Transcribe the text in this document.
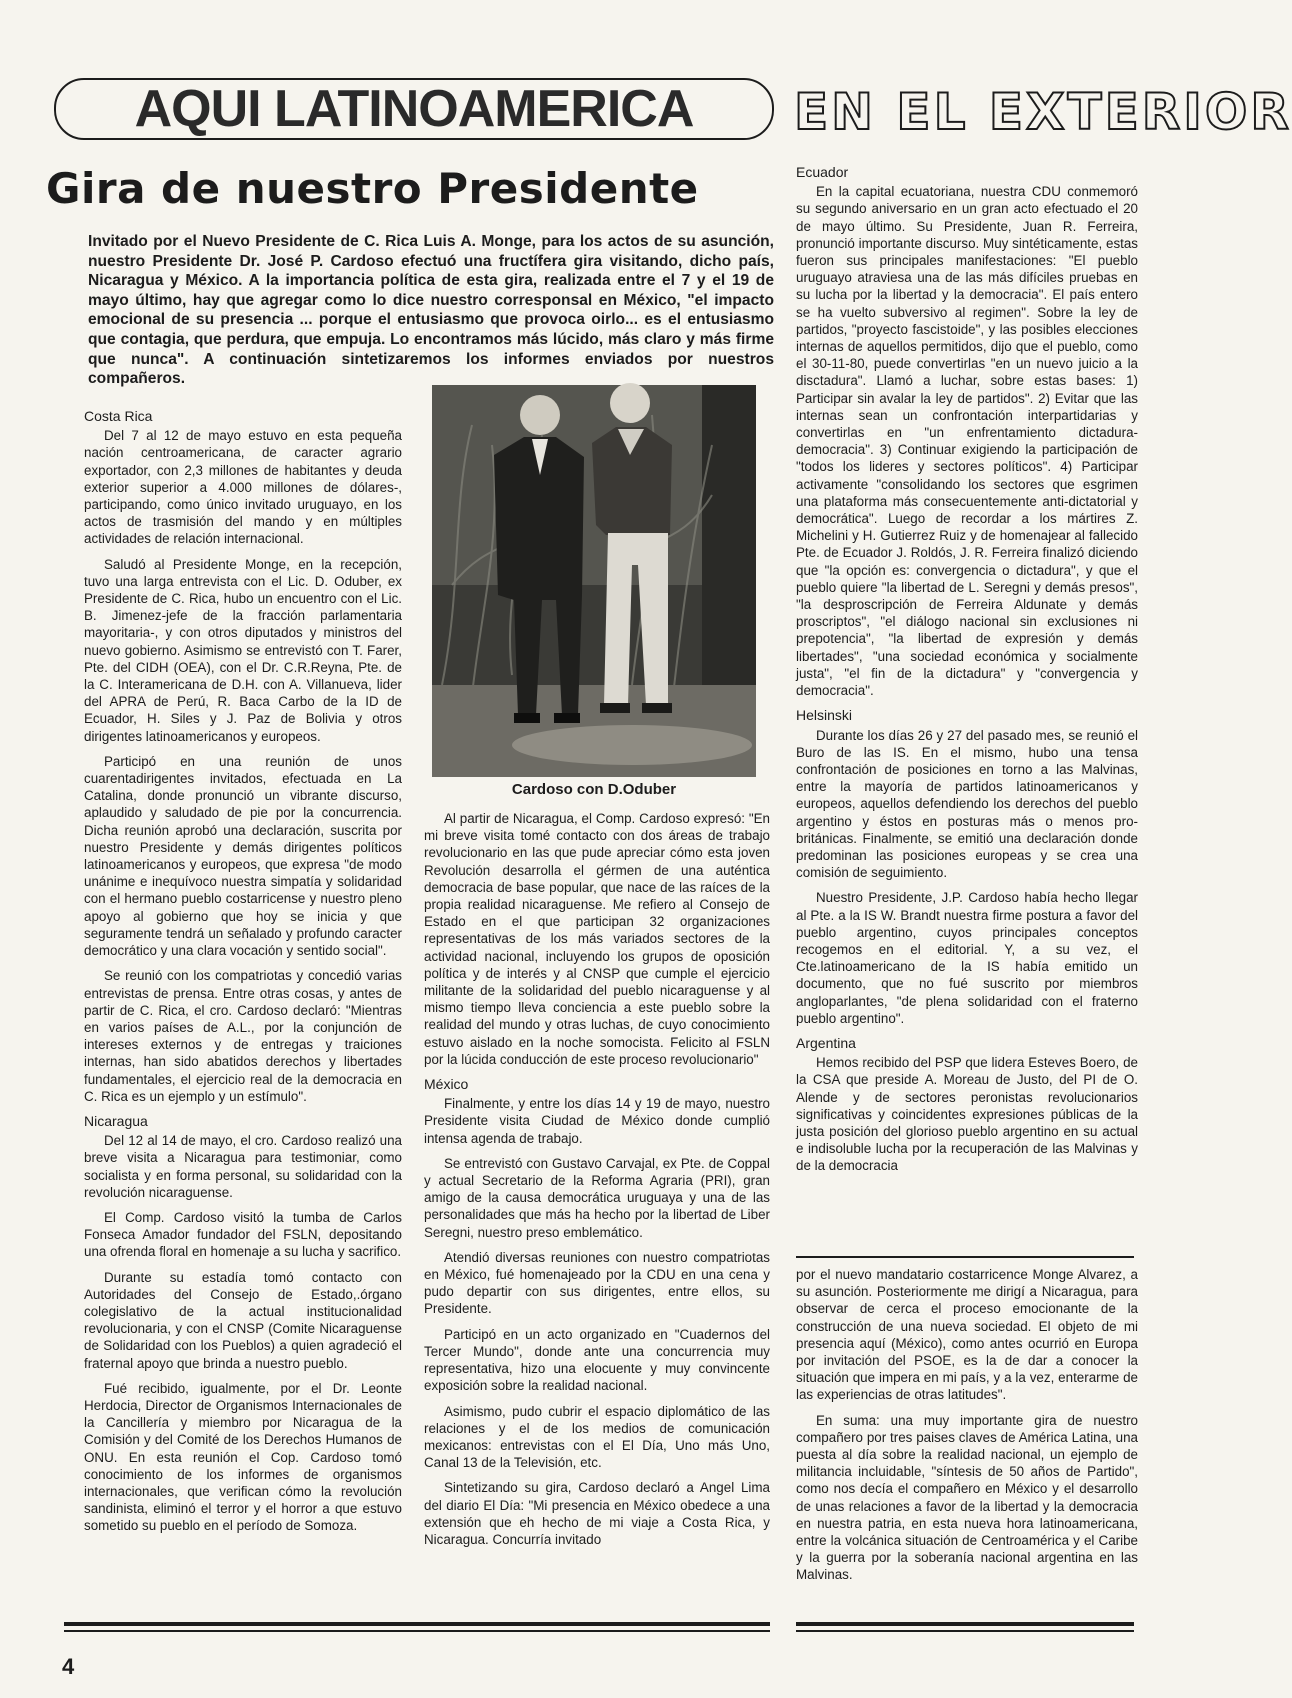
AQUI LATINOAMERICA EN EL EXTERIOR
Gira de nuestro Presidente
Invitado por el Nuevo Presidente de C. Rica Luis A. Monge, para los actos de su asunción, nuestro Presidente Dr. José P. Cardoso efectuó una fructífera gira visitando, dicho país, Nicaragua y México. A la importancia política de esta gira, realizada entre el 7 y el 19 de mayo último, hay que agregar como lo dice nuestro corresponsal en México, "el impacto emocional de su presencia ... porque el entusiasmo que provoca oirlo... es el entusiasmo que contagia, que perdura, que empuja. Lo encontramos más lúcido, más claro y más firme que nunca". A continuación sintetizaremos los informes enviados por nuestros compañeros.

Costa Rica

Del 7 al 12 de mayo estuvo en esta pequeña nación centroamericana, de caracter agrario exportador, con 2,3 millones de habitantes y deuda exterior superior a 4.000 millones de dólares-, participando, como único invitado uruguayo, en los actos de trasmisión del mando y en múltiples actividades de relación internacional.

Saludó al Presidente Monge, en la recepción, tuvo una larga entrevista con el Lic. D. Oduber, ex Presidente de C. Rica, hubo un encuentro con el Lic. B. Jimenez-jefe de la fracción parlamentaria mayoritaria-, y con otros diputados y ministros del nuevo gobierno. Asimismo se entrevistó con T. Farer, Pte. del CIDH (OEA), con el Dr. C.R.Reyna, Pte. de la C. Interamericana de D.H. con A. Villanueva, lider del APRA de Perú, R. Baca Carbo de la ID de Ecuador, H. Siles y J. Paz de Bolivia y otros dirigentes latinoamericanos y europeos.

Participó en una reunión de unos cuarentadirigentes invitados, efectuada en La Catalina, donde pronunció un vibrante discurso, aplaudido y saludado de pie por la concurrencia. Dicha reunión aprobó una declaración, suscrita por nuestro Presidente y demás dirigentes políticos latinoamericanos y europeos, que expresa "de modo unánime e inequívoco nuestra simpatía y solidaridad con el hermano pueblo costarricense y nuestro pleno apoyo al gobierno que hoy se inicia y que seguramente tendrá un señalado y profundo caracter democrático y una clara vocación y sentido social".

Se reunió con los compatriotas y concedió varias entrevistas de prensa. Entre otras cosas, y antes de partir de C. Rica, el cro. Cardoso declaró: "Mientras en varios países de A.L., por la conjunción de intereses externos y de entregas y traiciones internas, han sido abatidos derechos y libertades fundamentales, el ejercicio real de la democracia en C. Rica es un ejemplo y un estímulo".

Nicaragua

Del 12 al 14 de mayo, el cro. Cardoso realizó una breve visita a Nicaragua para testimoniar, como socialista y en forma personal, su solidaridad con la revolución nicaraguense.

El Comp. Cardoso visitó la tumba de Carlos Fonseca Amador fundador del FSLN, depositando una ofrenda floral en homenaje a su lucha y sacrifico.

Durante su estadía tomó contacto con Autoridades del Consejo de Estado,.órgano colegislativo de la actual institucionalidad revolucionaria, y con el CNSP (Comite Nicaraguense de Solidaridad con los Pueblos) a quien agradeció el fraternal apoyo que brinda a nuestro pueblo.

Fué recibido, igualmente, por el Dr. Leonte Herdocia, Director de Organismos Internacionales de la Cancillería y miembro por Nicaragua de la Comisión y del Comité de los Derechos Humanos de ONU. En esta reunión el Cop. Cardoso tomó conocimiento de los informes de organismos internacionales, que verifican cómo la revolución sandinista, eliminó el terror y el horror a que estuvo sometido su pueblo en el período de Somoza.

Cardoso con D.Oduber

Al partir de Nicaragua, el Comp. Cardoso expresó: "En mi breve visita tomé contacto con dos áreas de trabajo revolucionario en las que pude apreciar cómo esta joven Revolución desarrolla el gérmen de una auténtica democracia de base popular, que nace de las raíces de la propia realidad nicaraguense. Me refiero al Consejo de Estado en el que participan 32 organizaciones representativas de los más variados sectores de la actividad nacional, incluyendo los grupos de oposición política y de interés y al CNSP que cumple el ejercicio militante de la solidaridad del pueblo nicaraguense y al mismo tiempo lleva conciencia a este pueblo sobre la realidad del mundo y otras luchas, de cuyo conocimiento estuvo aislado en la noche somocista. Felicito al FSLN por la lúcida conducción de este proceso revolucionario"

México

Finalmente, y entre los días 14 y 19 de mayo, nuestro Presidente visita Ciudad de México donde cumplió intensa agenda de trabajo.

Se entrevistó con Gustavo Carvajal, ex Pte. de Coppal y actual Secretario de la Reforma Agraria (PRI), gran amigo de la causa democrática uruguaya y una de las personalidades que más ha hecho por la libertad de Liber Seregni, nuestro preso emblemático.

Atendió diversas reuniones con nuestro compatriotas en México, fué homenajeado por la CDU en una cena y pudo departir con sus dirigentes, entre ellos, su Presidente.

Participó en un acto organizado en "Cuadernos del Tercer Mundo", donde ante una concurrencia muy representativa, hizo una elocuente y muy convincente exposición sobre la realidad nacional.

Asimismo, pudo cubrir el espacio diplomático de las relaciones y el de los medios de comunicación mexicanos: entrevistas con el El Día, Uno más Uno, Canal 13 de la Televisión, etc.

Sintetizando su gira, Cardoso declaró a Angel Lima del diario El Día: "Mi presencia en México obedece a una extensión que eh hecho de mi viaje a Costa Rica, y Nicaragua. Concurría invitado

Ecuador

En la capital ecuatoriana, nuestra CDU conmemoró su segundo aniversario en un gran acto efectuado el 20 de mayo último. Su Presidente, Juan R. Ferreira, pronunció importante discurso. Muy sintéticamente, estas fueron sus principales manifestaciones: "El pueblo uruguayo atraviesa una de las más difíciles pruebas en su lucha por la libertad y la democracia". El país entero se ha vuelto subversivo al regimen". Sobre la ley de partidos, "proyecto fascistoide", y las posibles elecciones internas de aquellos permitidos, dijo que el pueblo, como el 30-11-80, puede convertirlas "en un nuevo juicio a la disctadura". Llamó a luchar, sobre estas bases: 1) Participar sin avalar la ley de partidos". 2) Evitar que las internas sean un confrontación interpartidarias y convertirlas en "un enfrentamiento dictadura-democracia". 3) Continuar exigiendo la participación de "todos los lideres y sectores políticos". 4) Participar activamente "consolidando los sectores que esgrimen una plataforma más consecuentemente anti-dictatorial y democrática". Luego de recordar a los mártires Z. Michelini y H. Gutierrez Ruiz y de homenajear al fallecido Pte. de Ecuador J. Roldós, J. R. Ferreira finalizó diciendo que "la opción es: convergencia o dictadura", y que el pueblo quiere "la libertad de L. Seregni y demás presos", "la desproscripción de Ferreira Aldunate y demás proscriptos", "el diálogo nacional sin exclusiones ni prepotencia", "la libertad de expresión y demás libertades", "una sociedad económica y socialmente justa", "el fin de la dictadura" y "convergencia y democracia".

Helsinski

Durante los días 26 y 27 del pasado mes, se reunió el Buro de las IS. En el mismo, hubo una tensa confrontación de posiciones en torno a las Malvinas, entre la mayoría de partidos latinoamericanos y europeos, aquellos defendiendo los derechos del pueblo argentino y éstos en posturas más o menos pro-británicas. Finalmente, se emitió una declaración donde predominan las posiciones europeas y se crea una comisión de seguimiento.

Nuestro Presidente, J.P. Cardoso había hecho llegar al Pte. a la IS W. Brandt nuestra firme postura a favor del pueblo argentino, cuyos principales conceptos recogemos en el editorial. Y, a su vez, el Cte.latinoamericano de la IS había emitido un documento, que no fué suscrito por miembros angloparlantes, "de plena solidaridad con el fraterno pueblo argentino".

Argentina

Hemos recibido del PSP que lidera Esteves Boero, de la CSA que preside A. Moreau de Justo, del PI de O. Alende y de sectores peronistas revolucionarios significativas y coincidentes expresiones públicas de la justa posición del glorioso pueblo argentino en su actual e indisoluble lucha por la recuperación de las Malvinas y de la democracia

por el nuevo mandatario costarricence Monge Alvarez, a su asunción. Posteriormente me dirigí a Nicaragua, para observar de cerca el proceso emocionante de la construcción de una nueva sociedad. El objeto de mi presencia aquí (México), como antes ocurrió en Europa por invitación del PSOE, es la de dar a conocer la situación que impera en mi país, y a la vez, enterarme de las experiencias de otras latitudes".

En suma: una muy importante gira de nuestro compañero por tres paises claves de América Latina, una puesta al día sobre la realidad nacional, un ejemplo de militancia incluidable, "síntesis de 50 años de Partido", como nos decía el compañero en México y el desarrollo de unas relaciones a favor de la libertad y la democracia en nuestra patria, en esta nueva hora latinoamericana, entre la volcánica situación de Centroamérica y el Caribe y la guerra por la soberanía nacional argentina en las Malvinas.

4
